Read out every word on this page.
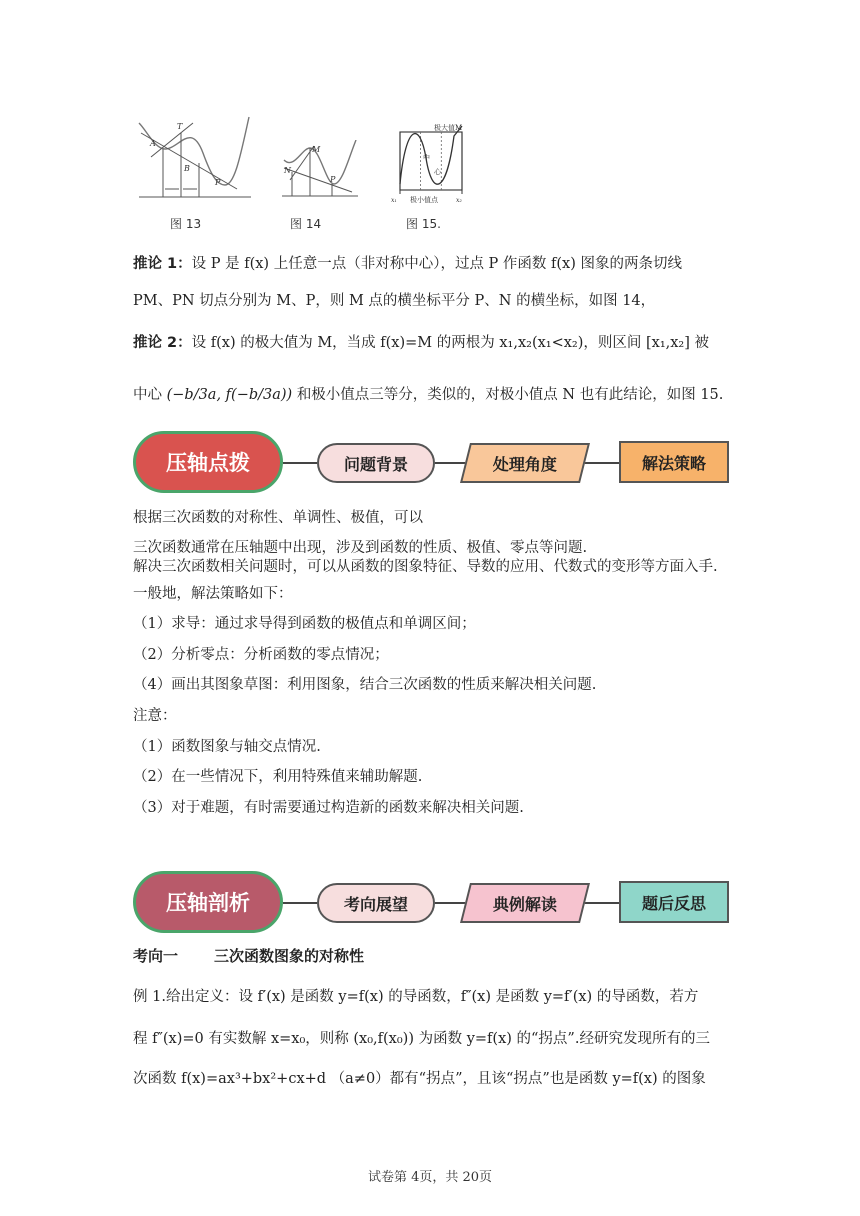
A
T
B
P
图 13
N
M
P
图 14
极大值M
中
心
极小值点
x₁	x₂
图 15.
推论 1：设 P 是 f(x) 上任意一点（非对称中心），过点 P 作函数 f(x) 图象的两条切线
PM、PN 切点分别为 M、P，则 M 点的横坐标平分 P、N 的横坐标，如图 14，
推论 2：设 f(x) 的极大值为 M，当成 f(x)=M 的两根为 x₁,x₂(x₁<x₂)，则区间 [x₁,x₂] 被
中心 (−b/3a, f(−b/3a)) 和极小值点三等分，类似的，对极小值点 N 也有此结论，如图 15.
压轴点拨	问题背景	处理角度	解法策略
根据三次函数的对称性、单调性、极值，可以
三次函数通常在压轴题中出现，涉及到函数的性质、极值、零点等问题.
解决三次函数相关问题时，可以从函数的图象特征、导数的应用、代数式的变形等方面入手.
一般地，解法策略如下：
（1）求导：通过求导得到函数的极值点和单调区间；
（2）分析零点：分析函数的零点情况；
（4）画出其图象草图：利用图象，结合三次函数的性质来解决相关问题.
注意：
（1）函数图象与轴交点情况.
（2）在一些情况下，利用特殊值来辅助解题.
（3）对于难题，有时需要通过构造新的函数来解决相关问题.
压轴剖析	考向展望	典例解读	题后反思
考向一 三次函数图象的对称性
例 1.给出定义：设 f′(x) 是函数 y=f(x) 的导函数，f″(x) 是函数 y=f′(x) 的导函数，若方
程 f″(x)=0 有实数解 x=x₀，则称 (x₀,f(x₀)) 为函数 y=f(x) 的“拐点”.经研究发现所有的三
次函数 f(x)=ax³+bx²+cx+d （a≠0）都有“拐点”，且该“拐点”也是函数 y=f(x) 的图象
试卷第 4页，共 20页
